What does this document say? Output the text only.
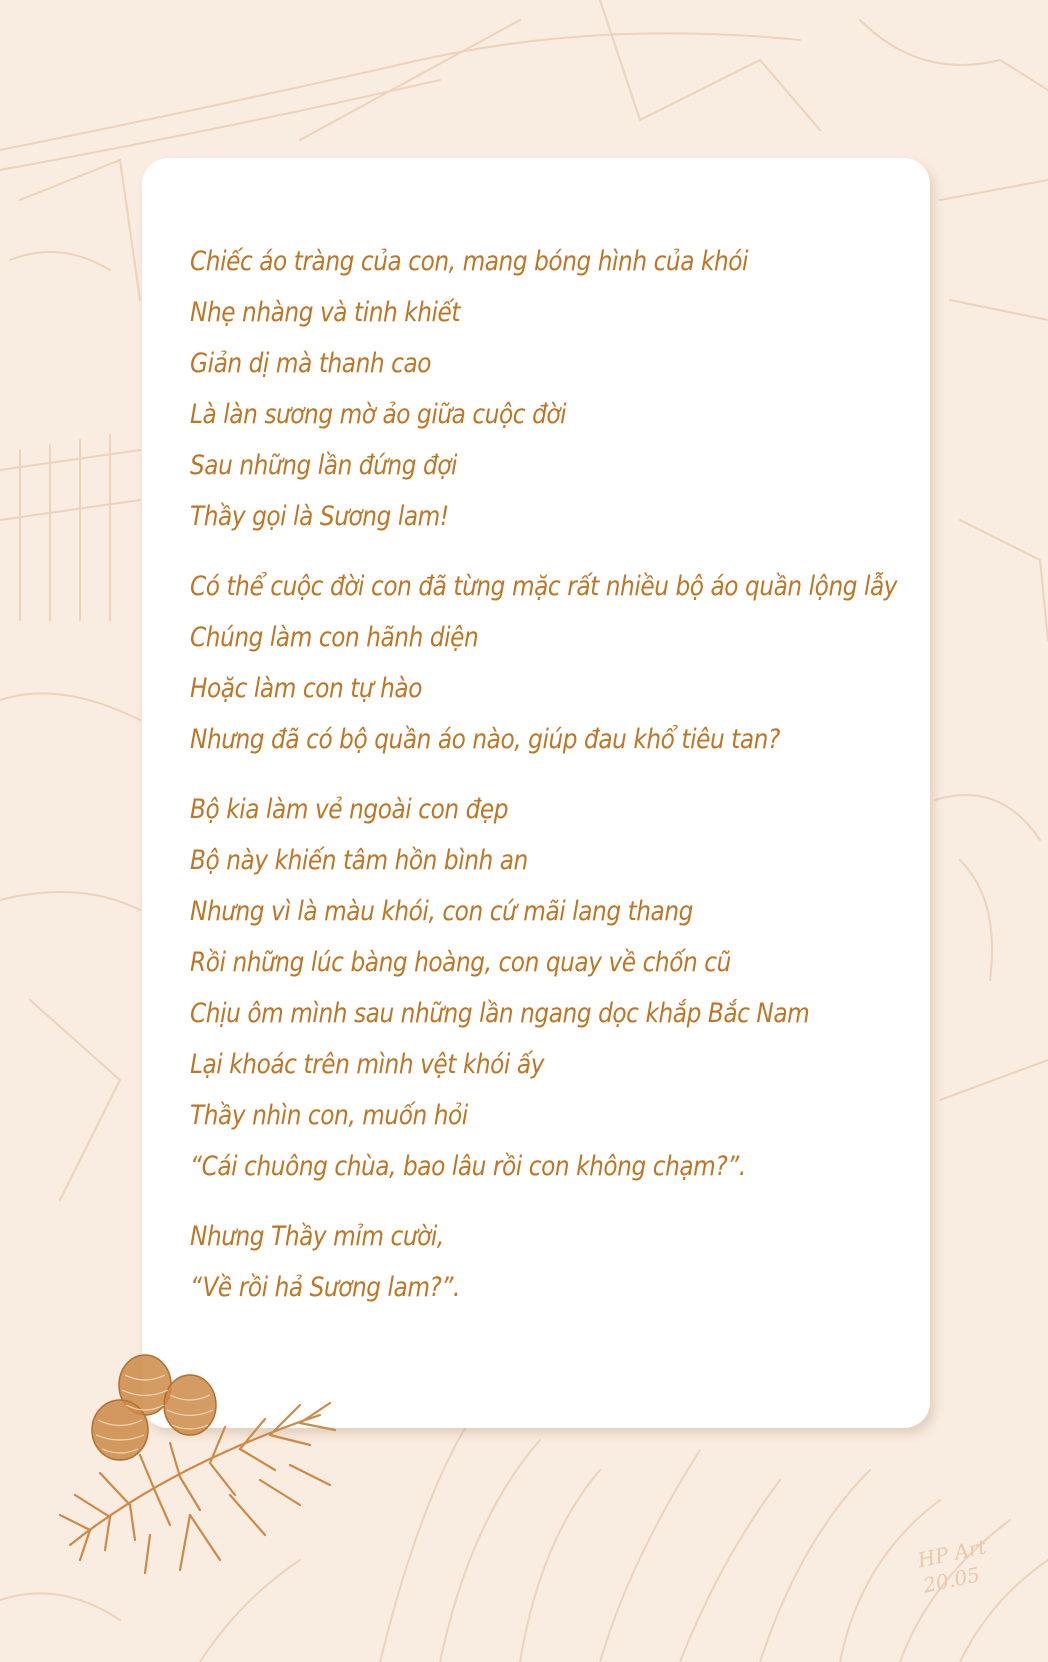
Chiếc áo tràng của con, mang bóng hình của khói
Nhẹ nhàng và tinh khiết
Giản dị mà thanh cao
Là làn sương mờ ảo giữa cuộc đời
Sau những lần đứng đợi
Thầy gọi là Sương lam!
Có thể cuộc đời con đã từng mặc rất nhiều bộ áo quần lộng lẫy
Chúng làm con hãnh diện
Hoặc làm con tự hào
Nhưng đã có bộ quần áo nào, giúp đau khổ tiêu tan?
Bộ kia làm vẻ ngoài con đẹp
Bộ này khiến tâm hồn bình an
Nhưng vì là màu khói, con cứ mãi lang thang
Rồi những lúc bàng hoàng, con quay về chốn cũ
Chịu ôm mình sau những lần ngang dọc khắp Bắc Nam
Lại khoác trên mình vệt khói ấy
Thầy nhìn con, muốn hỏi
“Cái chuông chùa, bao lâu rồi con không chạm?”.
Nhưng Thầy mỉm cười,
“Về rồi hả Sương lam?”.
HP Art
20.05
